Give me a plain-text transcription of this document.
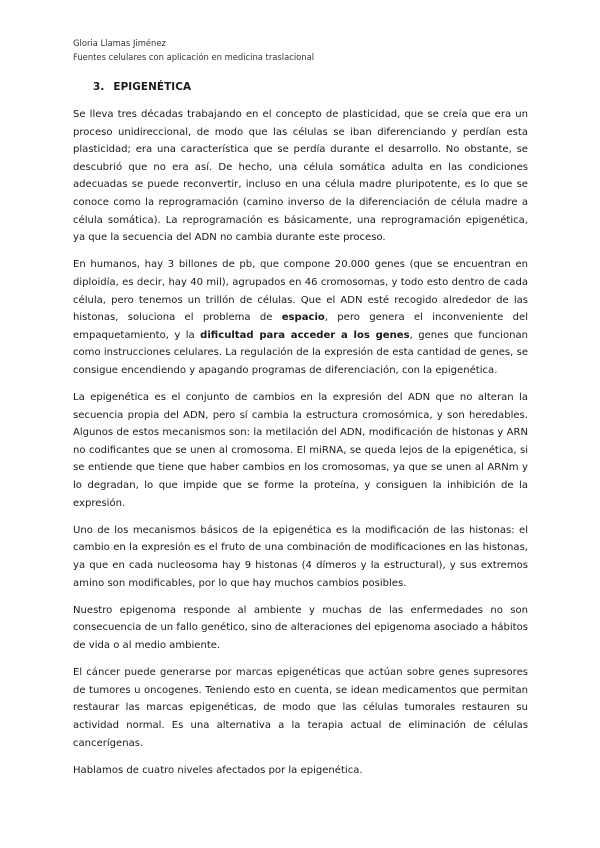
Gloria Llamas Jiménez
Fuentes celulares con aplicación en medicina traslacional
3. EPIGENÉTICA

Se lleva tres décadas trabajando en el concepto de plasticidad, que se creía que era un proceso unidireccional, de modo que las células se iban diferenciando y perdían esta plasticidad; era una característica que se perdía durante el desarrollo. No obstante, se descubrió que no era así. De hecho, una célula somática adulta en las condiciones adecuadas se puede reconvertir, incluso en una célula madre pluripotente, es lo que se conoce como la reprogramación (camino inverso de la diferenciación de célula madre a célula somática). La reprogramación es básicamente, una reprogramación epigenética, ya que la secuencia del ADN no cambia durante este proceso.

En humanos, hay 3 billones de pb, que compone 20.000 genes (que se encuentran en diploidía, es decir, hay 40 mil), agrupados en 46 cromosomas, y todo esto dentro de cada célula, pero tenemos un trillón de células. Que el ADN esté recogido alrededor de las histonas, soluciona el problema de espacio, pero genera el inconveniente del empaquetamiento, y la dificultad para acceder a los genes, genes que funcionan como instrucciones celulares. La regulación de la expresión de esta cantidad de genes, se consigue encendiendo y apagando programas de diferenciación, con la epigenética.

La epigenética es el conjunto de cambios en la expresión del ADN que no alteran la secuencia propia del ADN, pero sí cambia la estructura cromosómica, y son heredables. Algunos de estos mecanismos son: la metilación del ADN, modificación de histonas y ARN no codificantes que se unen al cromosoma. El miRNA, se queda lejos de la epigenética, si se entiende que tiene que haber cambios en los cromosomas, ya que se unen al ARNm y lo degradan, lo que impide que se forme la proteína, y consiguen la inhibición de la expresión.

Uno de los mecanismos básicos de la epigenética es la modificación de las histonas: el cambio en la expresión es el fruto de una combinación de modificaciones en las histonas, ya que en cada nucleosoma hay 9 histonas (4 dímeros y la estructural), y sus extremos amino son modificables, por lo que hay muchos cambios posibles.

Nuestro epigenoma responde al ambiente y muchas de las enfermedades no son consecuencia de un fallo genético, sino de alteraciones del epigenoma asociado a hábitos de vida o al medio ambiente.

El cáncer puede generarse por marcas epigenéticas que actúan sobre genes supresores de tumores u oncogenes. Teniendo esto en cuenta, se idean medicamentos que permitan restaurar las marcas epigenéticas, de modo que las células tumorales restauren su actividad normal. Es una alternativa a la terapia actual de eliminación de células cancerígenas.

Hablamos de cuatro niveles afectados por la epigenética.
